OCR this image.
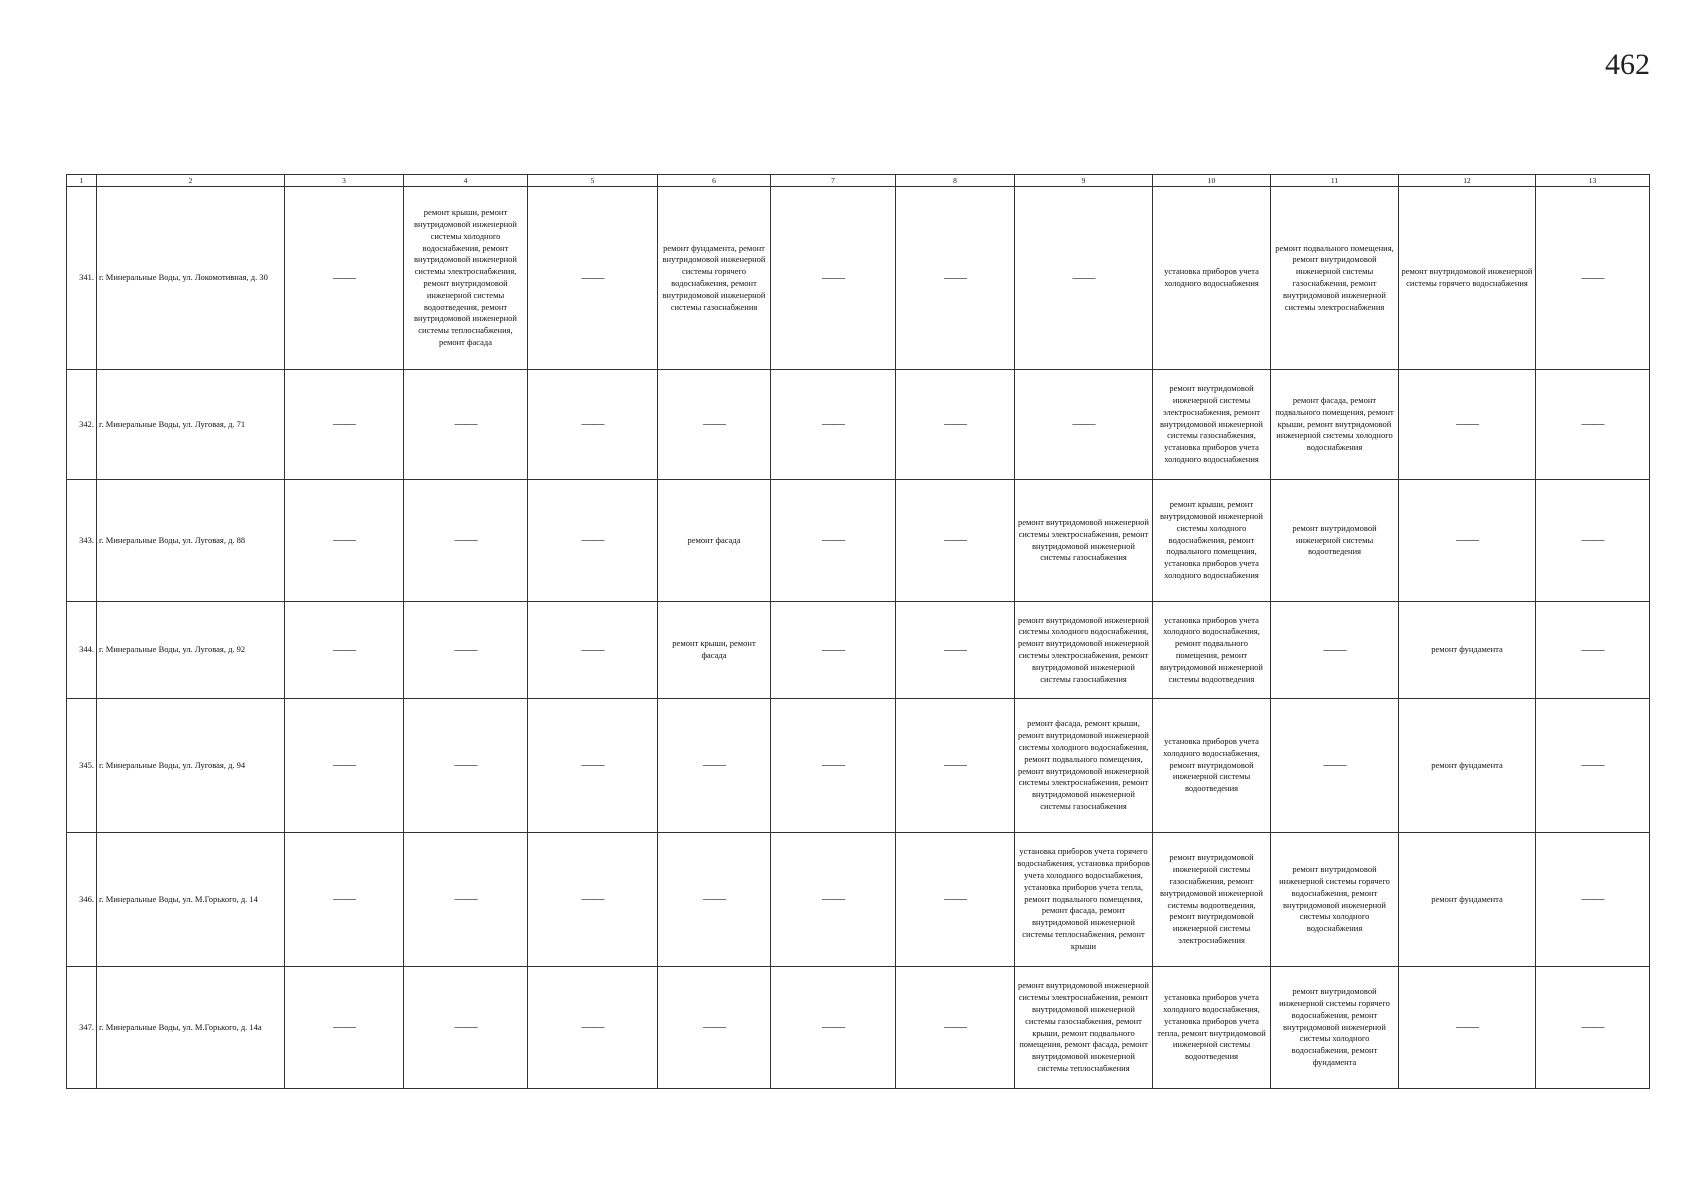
462
1	2	3	4	5	6	7	8	9	10	11	12	13
341.	г. Минеральные Воды, ул. Локомотивная, д. 30	——	ремонт крыши, ремонт внутридомовой инженерной системы холодного водоснабжения, ремонт внутридомовой инженерной системы электроснабжения, ремонт внутридомовой инженерной системы водоотведения, ремонт внутридомовой инженерной системы теплоснабжения, ремонт фасада	——	ремонт фундамента, ремонт внутридомовой инженерной системы горячего водоснабжения, ремонт внутридомовой инженерной системы газоснабжения	——	——	——	установка приборов учета холодного водоснабжения	ремонт подвального помещения, ремонт внутридомовой инженерной системы газоснабжения, ремонт внутридомовой инженерной системы электроснабжения	ремонт внутридомовой инженерной системы горячего водоснабжения	——
342.	г. Минеральные Воды, ул. Луговая, д. 71	——	——	——	——	——	——	——	ремонт внутридомовой инженерной системы электроснабжения, ремонт внутридомовой инженерной системы газоснабжения, установка приборов учета холодного водоснабжения	ремонт фасада, ремонт подвального помещения, ремонт крыши, ремонт внутридомовой инженерной системы холодного водоснабжения	——	——
343.	г. Минеральные Воды, ул. Луговая, д. 88	——	——	——	ремонт фасада	——	——	ремонт внутридомовой инженерной системы электроснабжения, ремонт внутридомовой инженерной системы газоснабжения	ремонт крыши, ремонт внутридомовой инженерной системы холодного водоснабжения, ремонт подвального помещения, установка приборов учета холодного водоснабжения	ремонт внутридомовой инженерной системы водоотведения	——	——
344.	г. Минеральные Воды, ул. Луговая, д. 92	——	——	——	ремонт крыши, ремонт фасада	——	——	ремонт внутридомовой инженерной системы холодного водоснабжения, ремонт внутридомовой инженерной системы электроснабжения, ремонт внутридомовой инженерной системы газоснабжения	установка приборов учета холодного водоснабжения, ремонт подвального помещения, ремонт внутридомовой инженерной системы водоотведения	——	ремонт фундамента	——
345.	г. Минеральные Воды, ул. Луговая, д. 94	——	——	——	——	——	——	ремонт фасада, ремонт крыши, ремонт внутридомовой инженерной системы холодного водоснабжения, ремонт подвального помещения, ремонт внутридомовой инженерной системы электроснабжения, ремонт внутридомовой инженерной системы газоснабжения	установка приборов учета холодного водоснабжения, ремонт внутридомовой инженерной системы водоотведения	——	ремонт фундамента	——
346.	г. Минеральные Воды, ул. М.Горького, д. 14	——	——	——	——	——	——	установка приборов учета горячего водоснабжения, установка приборов учета холодного водоснабжения, установка приборов учета тепла, ремонт подвального помещения, ремонт фасада, ремонт внутридомовой инженерной системы теплоснабжения, ремонт крыши	ремонт внутридомовой инженерной системы газоснабжения, ремонт внутридомовой инженерной системы водоотведения, ремонт внутридомовой инженерной системы электроснабжения	ремонт внутридомовой инженерной системы горячего водоснабжения, ремонт внутридомовой инженерной системы холодного водоснабжения	ремонт фундамента	——
347.	г. Минеральные Воды, ул. М.Горького, д. 14а	——	——	——	——	——	——	ремонт внутридомовой инженерной системы электроснабжения, ремонт внутридомовой инженерной системы газоснабжения, ремонт крыши, ремонт подвального помещения, ремонт фасада, ремонт внутридомовой инженерной системы теплоснабжения	установка приборов учета холодного водоснабжения, установка приборов учета тепла, ремонт внутридомовой инженерной системы водоотведения	ремонт внутридомовой инженерной системы горячего водоснабжения, ремонт внутридомовой инженерной системы холодного водоснабжения, ремонт фундамента	——	——
